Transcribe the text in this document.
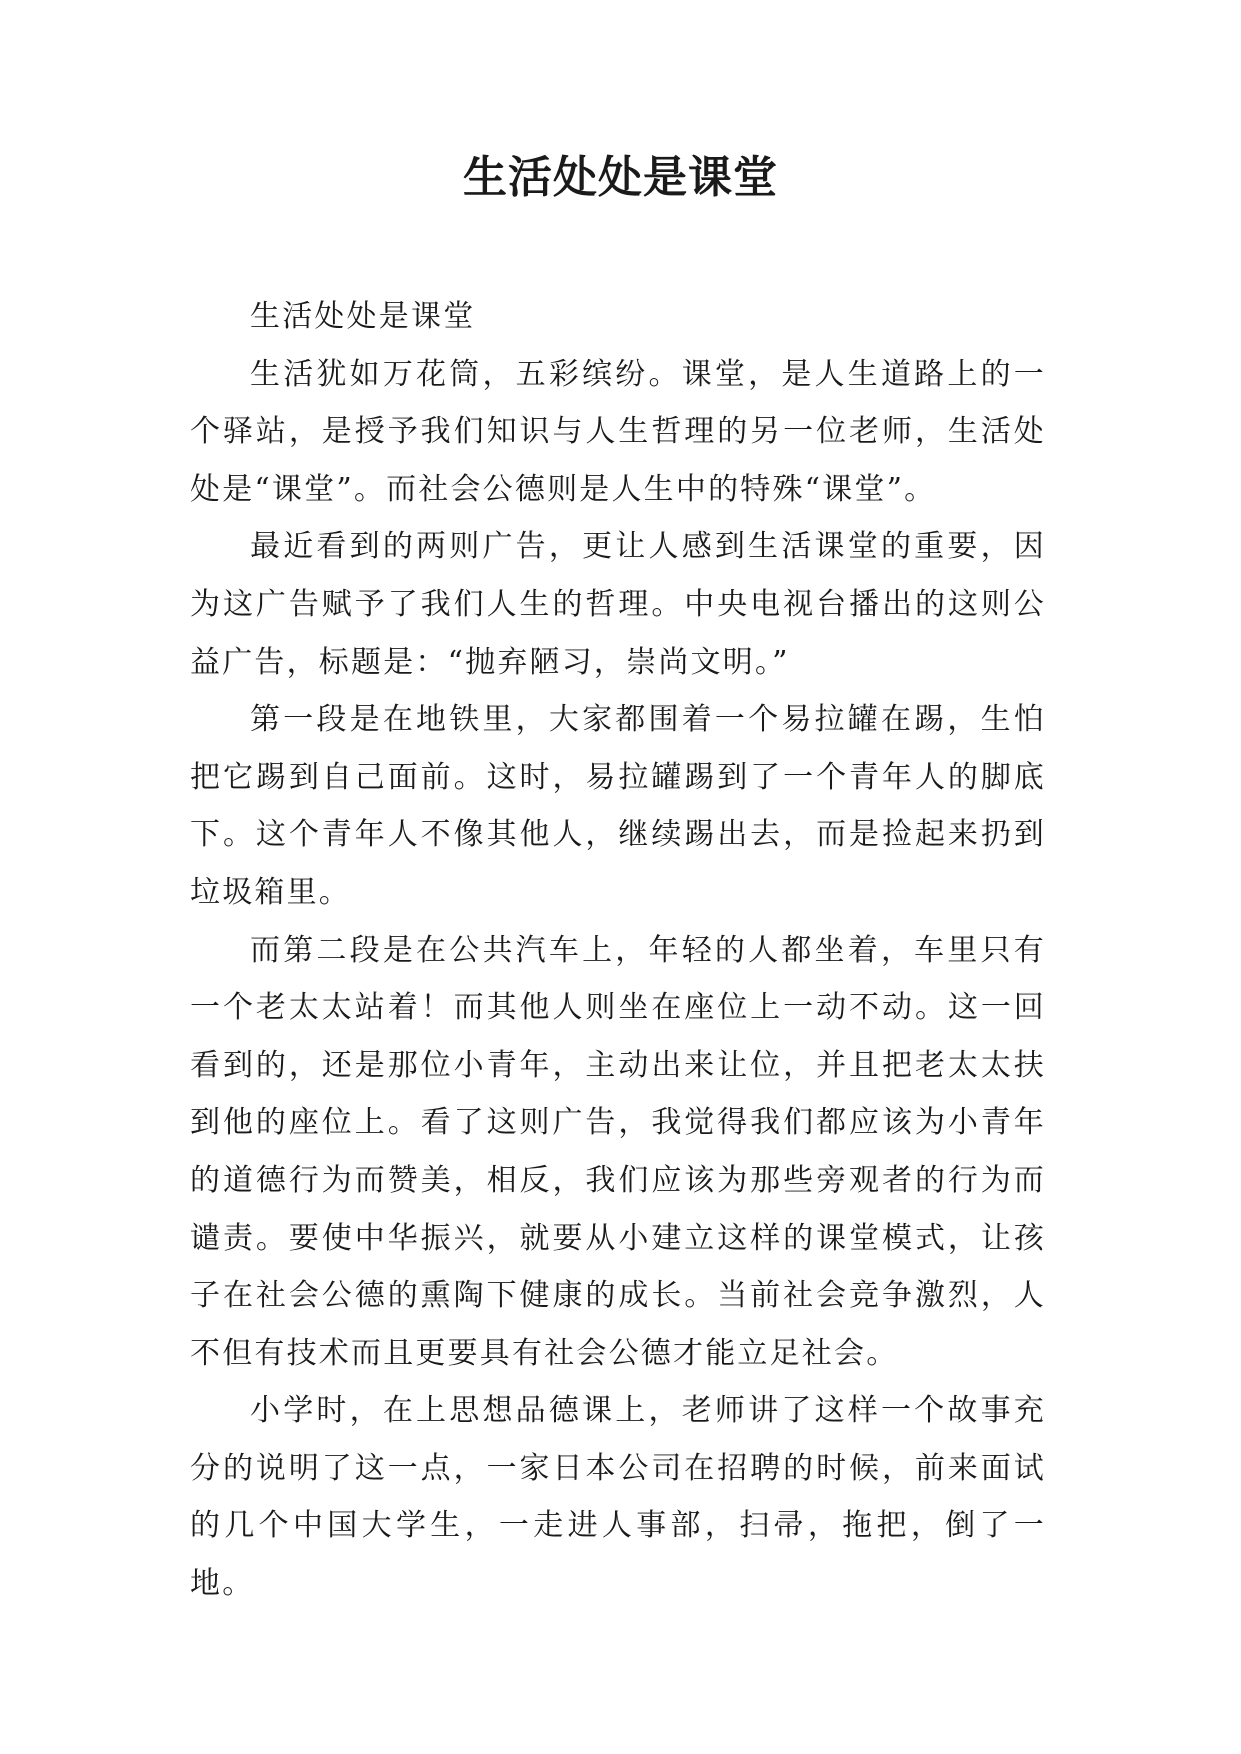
生活处处是课堂

生活处处是课堂

生活犹如万花筒，五彩缤纷。课堂，是人生道路上的一个驿站，是授予我们知识与人生哲理的另一位老师，生活处处是“课堂”。而社会公德则是人生中的特殊“课堂”。

最近看到的两则广告，更让人感到生活课堂的重要，因为这广告赋予了我们人生的哲理。中央电视台播出的这则公益广告，标题是：“抛弃陋习，崇尚文明。”

第一段是在地铁里，大家都围着一个易拉罐在踢，生怕把它踢到自己面前。这时，易拉罐踢到了一个青年人的脚底下。这个青年人不像其他人，继续踢出去，而是捡起来扔到垃圾箱里。

而第二段是在公共汽车上，年轻的人都坐着，车里只有一个老太太站着！而其他人则坐在座位上一动不动。这一回看到的，还是那位小青年，主动出来让位，并且把老太太扶到他的座位上。看了这则广告，我觉得我们都应该为小青年的道德行为而赞美，相反，我们应该为那些旁观者的行为而谴责。要使中华振兴，就要从小建立这样的课堂模式，让孩子在社会公德的熏陶下健康的成长。当前社会竞争激烈，人不但有技术而且更要具有社会公德才能立足社会。

小学时，在上思想品德课上，老师讲了这样一个故事充分的说明了这一点，一家日本公司在招聘的时候，前来面试的几个中国大学生，一走进人事部，扫帚，拖把，倒了一地。
